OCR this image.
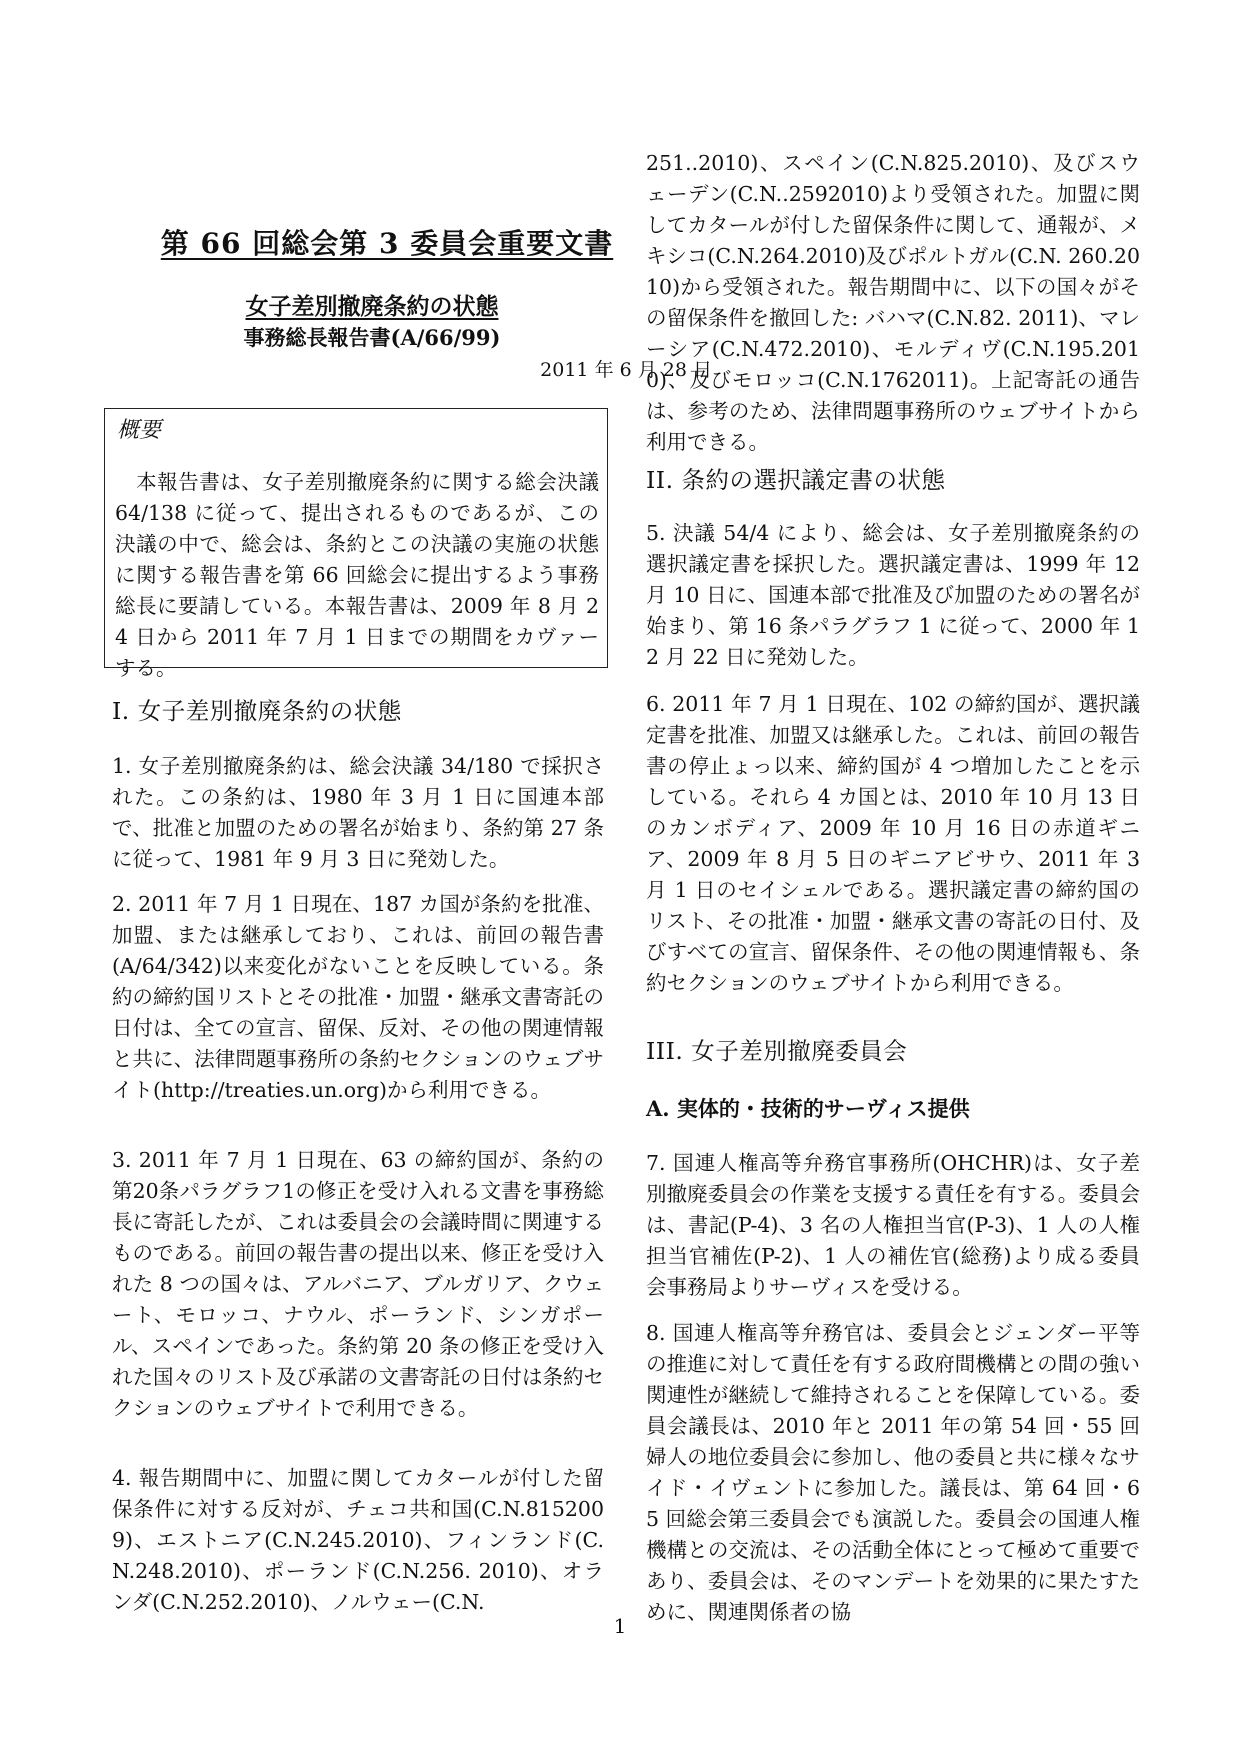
第 66 回総会第 3 委員会重要文書
女子差別撤廃条約の状態
事務総長報告書(A/66/99)
2011 年 6 月 28 日
I. 女子差別撤廃条約の状態

1. 女子差別撤廃条約は、総会決議 34/180 で採択された。この条約は、1980 年 3 月 1 日に国連本部で、批准と加盟のための署名が始まり、条約第 27 条に従って、1981 年 9 月 3 日に発効した。

2. 2011 年 7 月 1 日現在、187 カ国が条約を批准、加盟、または継承しており、これは、前回の報告書(A/64/342)以来変化がないことを反映している。条約の締約国リストとその批准・加盟・継承文書寄託の日付は、全ての宣言、留保、反対、その他の関連情報と共に、法律問題事務所の条約セクションのウェブサイト(http://treaties.un.org)から利用できる。

3. 2011 年 7 月 1 日現在、63 の締約国が、条約の第20条パラグラフ1の修正を受け入れる文書を事務総長に寄託したが、これは委員会の会議時間に関連するものである。前回の報告書の提出以来、修正を受け入れた 8 つの国々は、アルバニア、ブルガリア、クウェート、モロッコ、ナウル、ポーランド、シンガポール、スペインであった。条約第 20 条の修正を受け入れた国々のリスト及び承諾の文書寄託の日付は条約セクションのウェブサイトで利用できる。

4. 報告期間中に、加盟に関してカタールが付した留保条件に対する反対が、チェコ共和国(C.N.8152009)、エストニア(C.N.245.2010)、フィンランド(C.N.248.2010)、ポーランド(C.N.256. 2010)、オランダ(C.N.252.2010)、ノルウェー(C.N.

概要

　本報告書は、女子差別撤廃条約に関する総会決議 64/138 に従って、提出されるものであるが、この決議の中で、総会は、条約とこの決議の実施の状態に関する報告書を第 66 回総会に提出するよう事務総長に要請している。本報告書は、2009 年 8 月 24 日から 2011 年 7 月 1 日までの期間をカヴァーする。

251..2010)、スペイン(C.N.825.2010)、及びスウェーデン(C.N..2592010)より受領された。加盟に関してカタールが付した留保条件に関して、通報が、メキシコ(C.N.264.2010)及びポルトガル(C.N. 260.2010)から受領された。報告期間中に、以下の国々がその留保条件を撤回した: バハマ(C.N.82. 2011)、マレーシア(C.N.472.2010)、モルディヴ(C.N.195.2010)、及びモロッコ(C.N.1762011)。上記寄託の通告は、参考のため、法律問題事務所のウェブサイトから利用できる。

II. 条約の選択議定書の状態

5. 決議 54/4 により、総会は、女子差別撤廃条約の選択議定書を採択した。選択議定書は、1999 年 12 月 10 日に、国連本部で批准及び加盟のための署名が始まり、第 16 条パラグラフ 1 に従って、2000 年 12 月 22 日に発効した。

6. 2011 年 7 月 1 日現在、102 の締約国が、選択議定書を批准、加盟又は継承した。これは、前回の報告書の停止ょっ以来、締約国が 4 つ増加したことを示している。それら 4 カ国とは、2010 年 10 月 13 日のカンボディア、2009 年 10 月 16 日の赤道ギニア、2009 年 8 月 5 日のギニアビサウ、2011 年 3 月 1 日のセイシェルである。選択議定書の締約国のリスト、その批准・加盟・継承文書の寄託の日付、及びすべての宣言、留保条件、その他の関連情報も、条約セクションのウェブサイトから利用できる。

III. 女子差別撤廃委員会
A. 実体的・技術的サーヴィス提供

7. 国連人権高等弁務官事務所(OHCHR)は、女子差別撤廃委員会の作業を支援する責任を有する。委員会は、書記(P-4)、3 名の人権担当官(P-3)、1 人の人権担当官補佐(P-2)、1 人の補佐官(総務)より成る委員会事務局よりサーヴィスを受ける。

8. 国連人権高等弁務官は、委員会とジェンダー平等の推進に対して責任を有する政府間機構との間の強い関連性が継続して維持されることを保障している。委員会議長は、2010 年と 2011 年の第 54 回・55 回婦人の地位委員会に参加し、他の委員と共に様々なサイド・イヴェントに参加した。議長は、第 64 回・65 回総会第三委員会でも演説した。委員会の国連人権機構との交流は、その活動全体にとって極めて重要であり、委員会は、そのマンデートを効果的に果たすために、関連関係者の協

1
